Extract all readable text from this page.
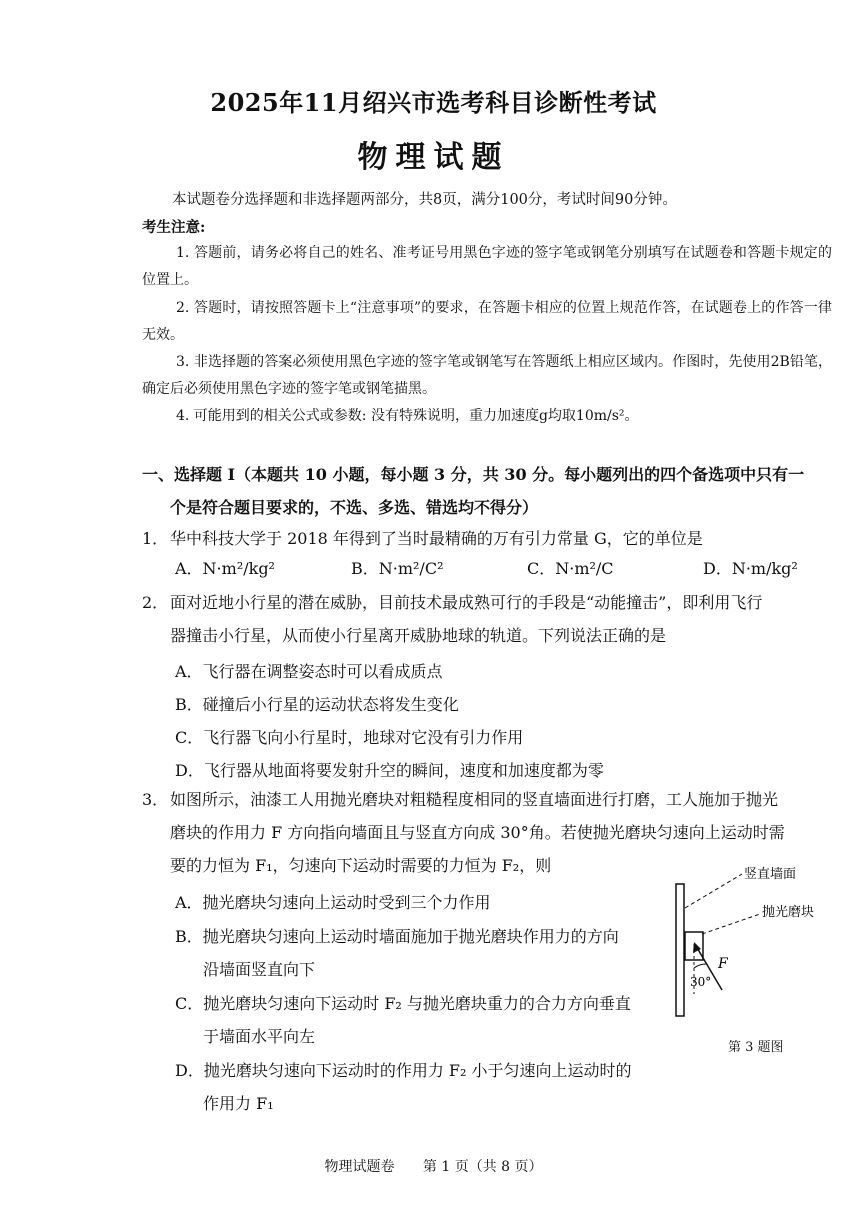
2025年11月绍兴市选考科目诊断性考试
物理试题
本试题卷分选择题和非选择题两部分，共8页，满分100分，考试时间90分钟。
考生注意:
1. 答题前，请务必将自己的姓名、准考证号用黑色字迹的签字笔或钢笔分别填写在试题卷和答题卡规定的位置上。
2. 答题时，请按照答题卡上“注意事项”的要求，在答题卡相应的位置上规范作答，在试题卷上的作答一律无效。
3. 非选择题的答案必须使用黑色字迹的签字笔或钢笔写在答题纸上相应区域内。作图时，先使用2B铅笔，确定后必须使用黑色字迹的签字笔或钢笔描黑。
4. 可能用到的相关公式或参数: 没有特殊说明，重力加速度g均取10m/s²。
一、选择题 I（本题共 10 小题，每小题 3 分，共 30 分。每小题列出的四个备选项中只有一
个是符合题目要求的，不选、多选、错选均不得分）
1． 华中科技大学于 2018 年得到了当时最精确的万有引力常量 G，它的单位是
A．N·m²/kg²	B．N·m²/C²	C．N·m²/C	D．N·m/kg²
2． 面对近地小行星的潜在威胁，目前技术最成熟可行的手段是“动能撞击”，即利用飞行
器撞击小行星，从而使小行星离开威胁地球的轨道。下列说法正确的是
A．飞行器在调整姿态时可以看成质点
B．碰撞后小行星的运动状态将发生变化
C．飞行器飞向小行星时，地球对它没有引力作用
D．飞行器从地面将要发射升空的瞬间，速度和加速度都为零
3． 如图所示，油漆工人用抛光磨块对粗糙程度相同的竖直墙面进行打磨，工人施加于抛光
磨块的作用力 F 方向指向墙面且与竖直方向成 30°角。若使抛光磨块匀速向上运动时需
要的力恒为 F₁，匀速向下运动时需要的力恒为 F₂，则
A．抛光磨块匀速向上运动时受到三个力作用
B．抛光磨块匀速向上运动时墙面施加于抛光磨块作用力的方向
沿墙面竖直向下
C．抛光磨块匀速向下运动时 F₂ 与抛光磨块重力的合力方向垂直
于墙面水平向左
D．抛光磨块匀速向下运动时的作用力 F₂ 小于匀速向上运动时的
作用力 F₁
竖直墙面
抛光磨块
F
30°
第 3 题图
物理试题卷 第 1 页（共 8 页）
